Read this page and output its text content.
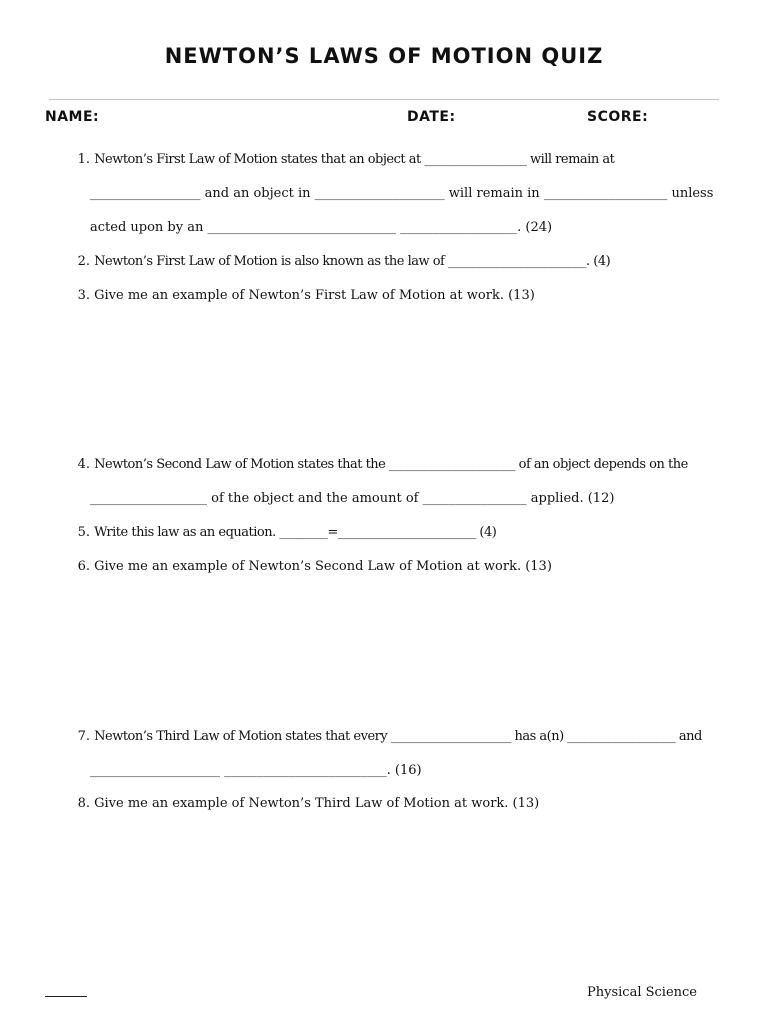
NEWTON’S LAWS OF MOTION QUIZ
NAME:	DATE:	SCORE:
1. Newton’s First Law of Motion states that an object at _________________ will remain at
_________________ and an object in ____________________ will remain in ___________________ unless
acted upon by an _____________________________ __________________. (24)
2. Newton’s First Law of Motion is also known as the law of _______________________. (4)
3. Give me an example of Newton’s First Law of Motion at work. (13)
4. Newton’s Second Law of Motion states that the _____________________ of an object depends on the
__________________ of the object and the amount of ________________ applied. (12)
5. Write this law as an equation. ________=_______________________ (4)
6. Give me an example of Newton’s Second Law of Motion at work. (13)
7. Newton’s Third Law of Motion states that every ____________________ has a(n) __________________ and
____________________ _________________________. (16)
8. Give me an example of Newton’s Third Law of Motion at work. (13)
Physical Science
